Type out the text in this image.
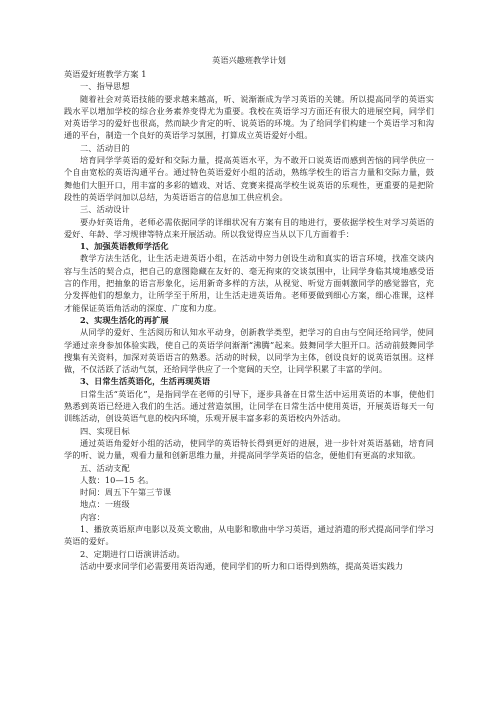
英语兴趣班教学计划
英语爱好班教学方案 1
一、指导思想
随着社会对英语技能的要求越来越高，听、说渐渐成为学习英语的关键。所以提高同学的英语实践水平以增加学校的综合业务素养变得尤为重要。我校在英语学习方面还有很大的进展空间，同学们对英语学习的爱好也很高，然而缺少肯定的听、说英语的环境。为了给同学们构建一个英语学习和沟通的平台，制造一个良好的英语学习氛围，打算成立英语爱好小组。
二、活动目的
培育同学学英语的爱好和交际力量，提高英语水平，为不敢开口说英语而感到苦恼的同学供应一个自由宽松的英语沟通平台。通过特色英语爱好小组的活动，熟练学校生的语言力量和交际力量，鼓舞他们大胆开口，用丰富的多彩的嬉戏、对话、竞赛来提高学校生说英语的乐观性，更重要的是把阶段性的英语学问加以总结，为英语语言的信息加工供应机会。
三、活动设计
要办好英语角，老师必需依据同学的详细状况有方案有目的地进行，要依据学校生对学习英语的爱好、年龄、学习规律等特点来开展活动。所以我觉得应当从以下几方面着手：
1、加强英语教师学活化
教学方法生活化，让生活走进英语小组，在活动中努力创设生动和真实的语言环境，找准交谈内容与生活的契合点，把自己的意图隐藏在友好的、毫无拘束的交谈氛围中，让同学身临其境地感受语言的作用，把抽象的语言形象化，运用新奇多样的方法，从视觉、听觉方面刺激同学的感觉器官，充分发挥他们的想象力，让所学至于所用，让生活走进英语角。老师要做到细心方案，细心准课，这样才能保证英语角活动的深度、广度和力度。
2、实现生活化的再扩展
从同学的爱好、生活阅历和认知水平动身，创新教学类型，把学习的自由与空间还给同学，使同学通过亲身参加体验实践，使自己的英语学问渐渐“沸腾”起来。鼓舞同学大胆开口。活动前鼓舞同学搜集有关资料，加深对英语语言的熟悉。活动的时候，以同学为主体，创设良好的说英语氛围。这样做，不仅活跃了活动气氛，还给同学供应了一个宽阔的天空，让同学积累了丰富的学问。
3、日常生活英语化，生活再现英语
日常生活“英语化”，是指同学在老师的引导下，逐步具备在日常生活中运用英语的本事，使他们熟悉到英语已经进入我们的生活。通过营造氛围，让同学在日常生活中使用英语，开展英语每天一句训练活动，创设英语气息的校内环境，乐观开展丰富多彩的英语校内外活动。
四、实现目标
通过英语角爱好小组的活动，使同学的英语特长得到更好的进展，进一步针对英语基础，培育同学的听、说力量，观看力量和创新思维力量，并提高同学学英语的信念，便他们有更高的求知欲。
五、活动支配
人数：10—15 名。
时间：周五下午第三节课
地点：一班级
内容：
1、播放英语原声电影以及英文歌曲，从电影和歌曲中学习英语，通过消遣的形式提高同学们学习英语的爱好。
2、定期进行口语演讲活动。
活动中要求同学们必需要用英语沟通，使同学们的听力和口语得到熟练，提高英语实践力
